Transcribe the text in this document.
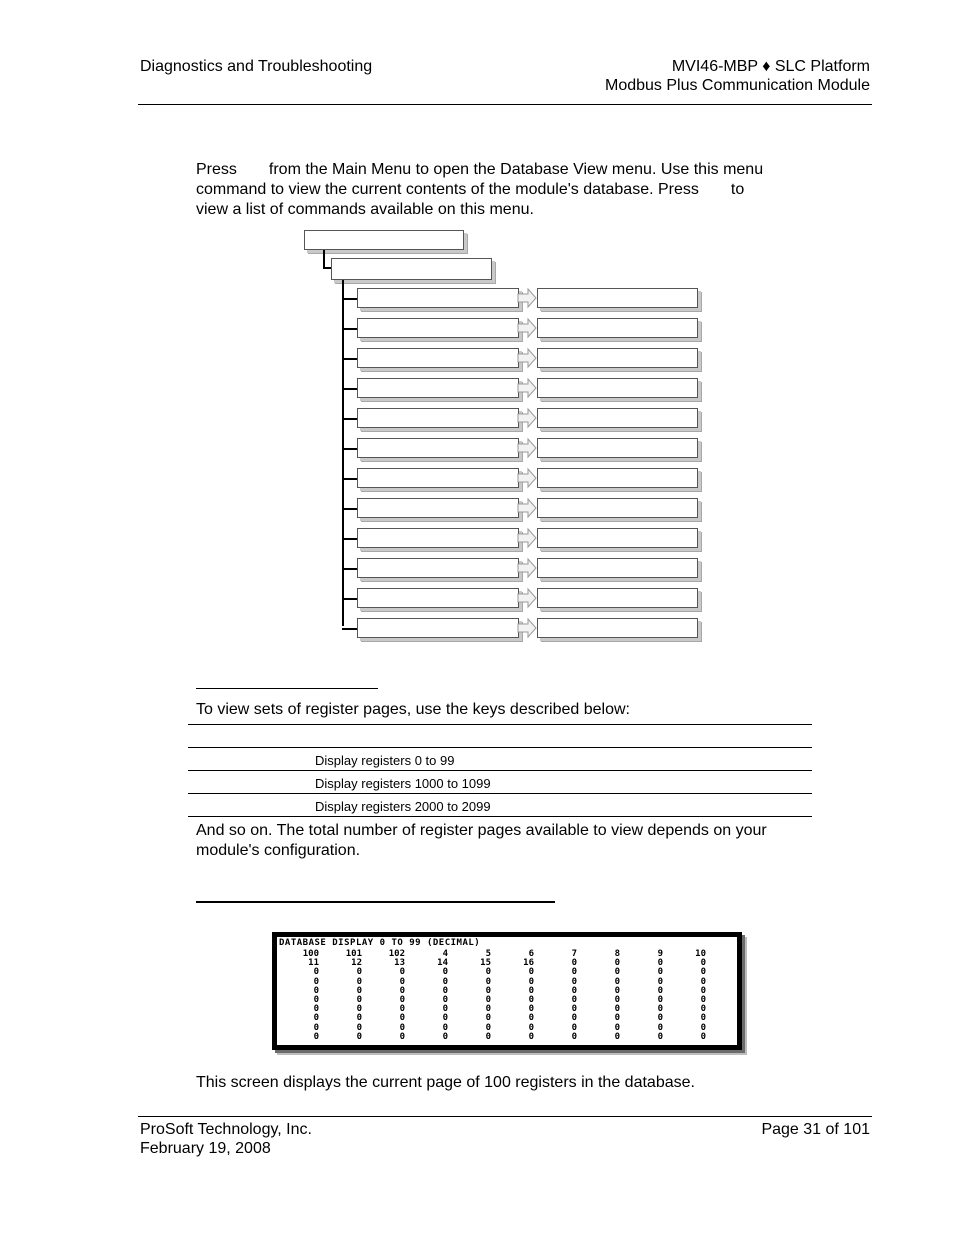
Diagnostics and Troubleshooting	MVI46-MBP ♦ SLC Platform
Modbus Plus Communication Module
Press from the Main Menu to open the Database View menu. Use this menu
command to view the current contents of the module's database. Press to
view a list of commands available on this menu.
To view sets of register pages, use the keys described below:
Display registers 0 to 99
Display registers 1000 to 1099
Display registers 2000 to 2099
And so on. The total number of register pages available to view depends on your
module's configuration.
DATABASE DISPLAY 0 TO 99 (DECIMAL)
100	101	102	4	5	6	7	8	9	10
11	12	13	14	15	16	0	0	0	0
0	0	0	0	0	0	0	0	0	0
0	0	0	0	0	0	0	0	0	0
0	0	0	0	0	0	0	0	0	0
0	0	0	0	0	0	0	0	0	0
0	0	0	0	0	0	0	0	0	0
0	0	0	0	0	0	0	0	0	0
0	0	0	0	0	0	0	0	0	0
0	0	0	0	0	0	0	0	0	0
This screen displays the current page of 100 registers in the database.
ProSoft Technology, Inc.
February 19, 2008
Page 31 of 101
